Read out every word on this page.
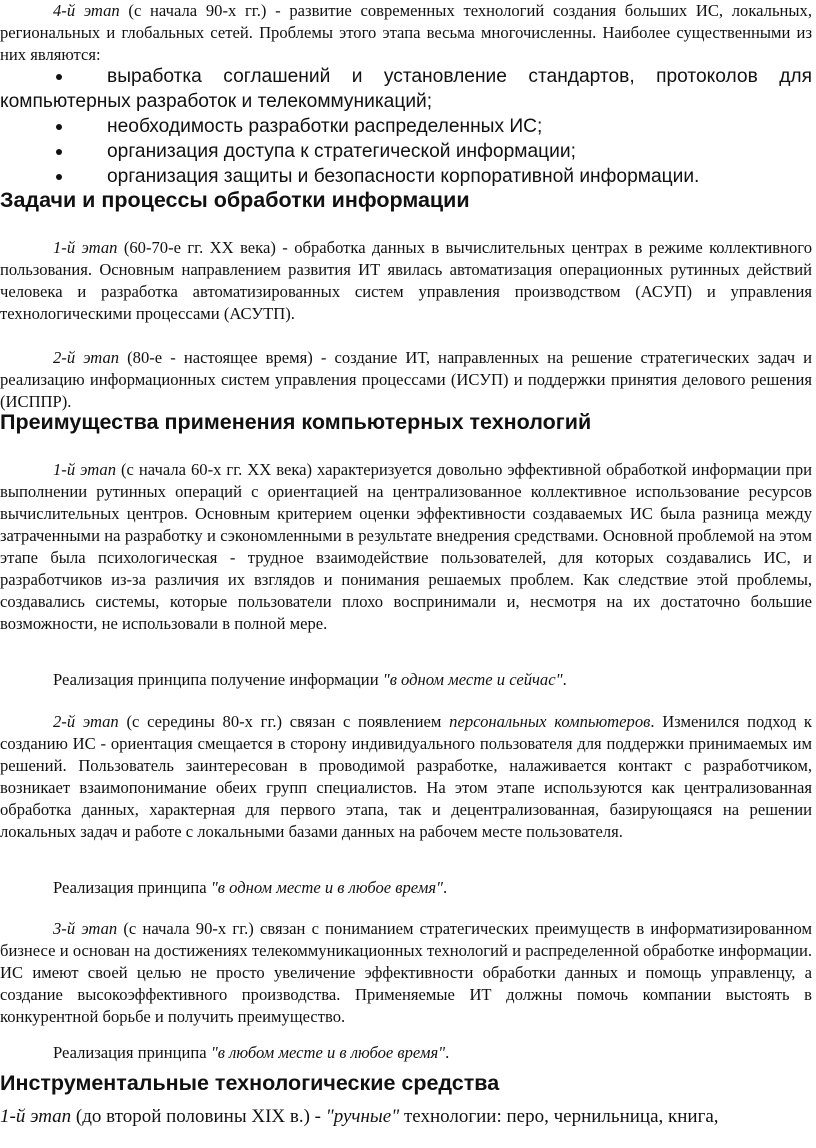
4-й этап (с начала 90-х гг.) - развитие современных технологий создания больших ИС, локальных, региональных и глобальных сетей. Проблемы этого этапа весьма многочисленны. Наиболее существенными из них являются:

выработка соглашений и установление стандартов, протоколов для компьютерных разработок и телекоммуникаций;
необходимость разработки распределенных ИС;
организация доступа к стратегической информации;
организация защиты и безопасности корпоративной информации.
Задачи и процессы обработки информации

1-й этап (60-70-е гг. XX века) - обработка данных в вычислительных центрах в режиме коллективного пользования. Основным направлением развития ИТ явилась автоматизация операционных рутинных действий человека и разработка автоматизированных систем управления производством (АСУП) и управления технологическими процессами (АСУТП).

2-й этап (80-е - настоящее время) - создание ИТ, направленных на решение стратегических задач и реализацию информационных систем управления процессами (ИСУП) и поддержки принятия делового решения (ИСППР).

Преимущества применения компьютерных технологий

1-й этап (с начала 60-х гг. XX века) характеризуется довольно эффективной обработкой информации при выполнении рутинных операций с ориентацией на централизованное коллективное использование ресурсов вычислительных центров. Основным критерием оценки эффективности создаваемых ИС была разница между затраченными на разработку и сэкономленными в результате внедрения средствами. Основной проблемой на этом этапе была психологическая - трудное взаимодействие пользователей, для которых создавались ИС, и разработчиков из-за различия их взглядов и понимания решаемых проблем. Как следствие этой проблемы, создавались системы, которые пользователи плохо воспринимали и, несмотря на их достаточно большие возможности, не использовали в полной мере.

Реализация принципа получение информации "в одном месте и сейчас".

2-й этап (с середины 80-х гг.) связан с появлением персональных компьютеров. Изменился подход к созданию ИС - ориентация смещается в сторону индивидуального пользователя для поддержки принимаемых им решений. Пользователь заинтересован в проводимой разработке, налаживается контакт с разработчиком, возникает взаимопонимание обеих групп специалистов. На этом этапе используются как централизованная обработка данных, характерная для первого этапа, так и децентрализованная, базирующаяся на решении локальных задач и работе с локальными базами данных на рабочем месте пользователя.

Реализация принципа "в одном месте и в любое время".

3-й этап (с начала 90-х гг.) связан с пониманием стратегических преимуществ в информатизированном бизнесе и основан на достижениях телекоммуникационных технологий и распределенной обработке информации. ИС имеют своей целью не просто увеличение эффективности обработки данных и помощь управленцу, а создание высокоэффективного производства. Применяемые ИТ должны помочь компании выстоять в конкурентной борьбе и получить преимущество.

Реализация принципа "в любом месте и в любое время".

Инструментальные технологические средства

1-й этап (до второй половины XIX в.) - "ручные" технологии: перо, чернильница, книга,
